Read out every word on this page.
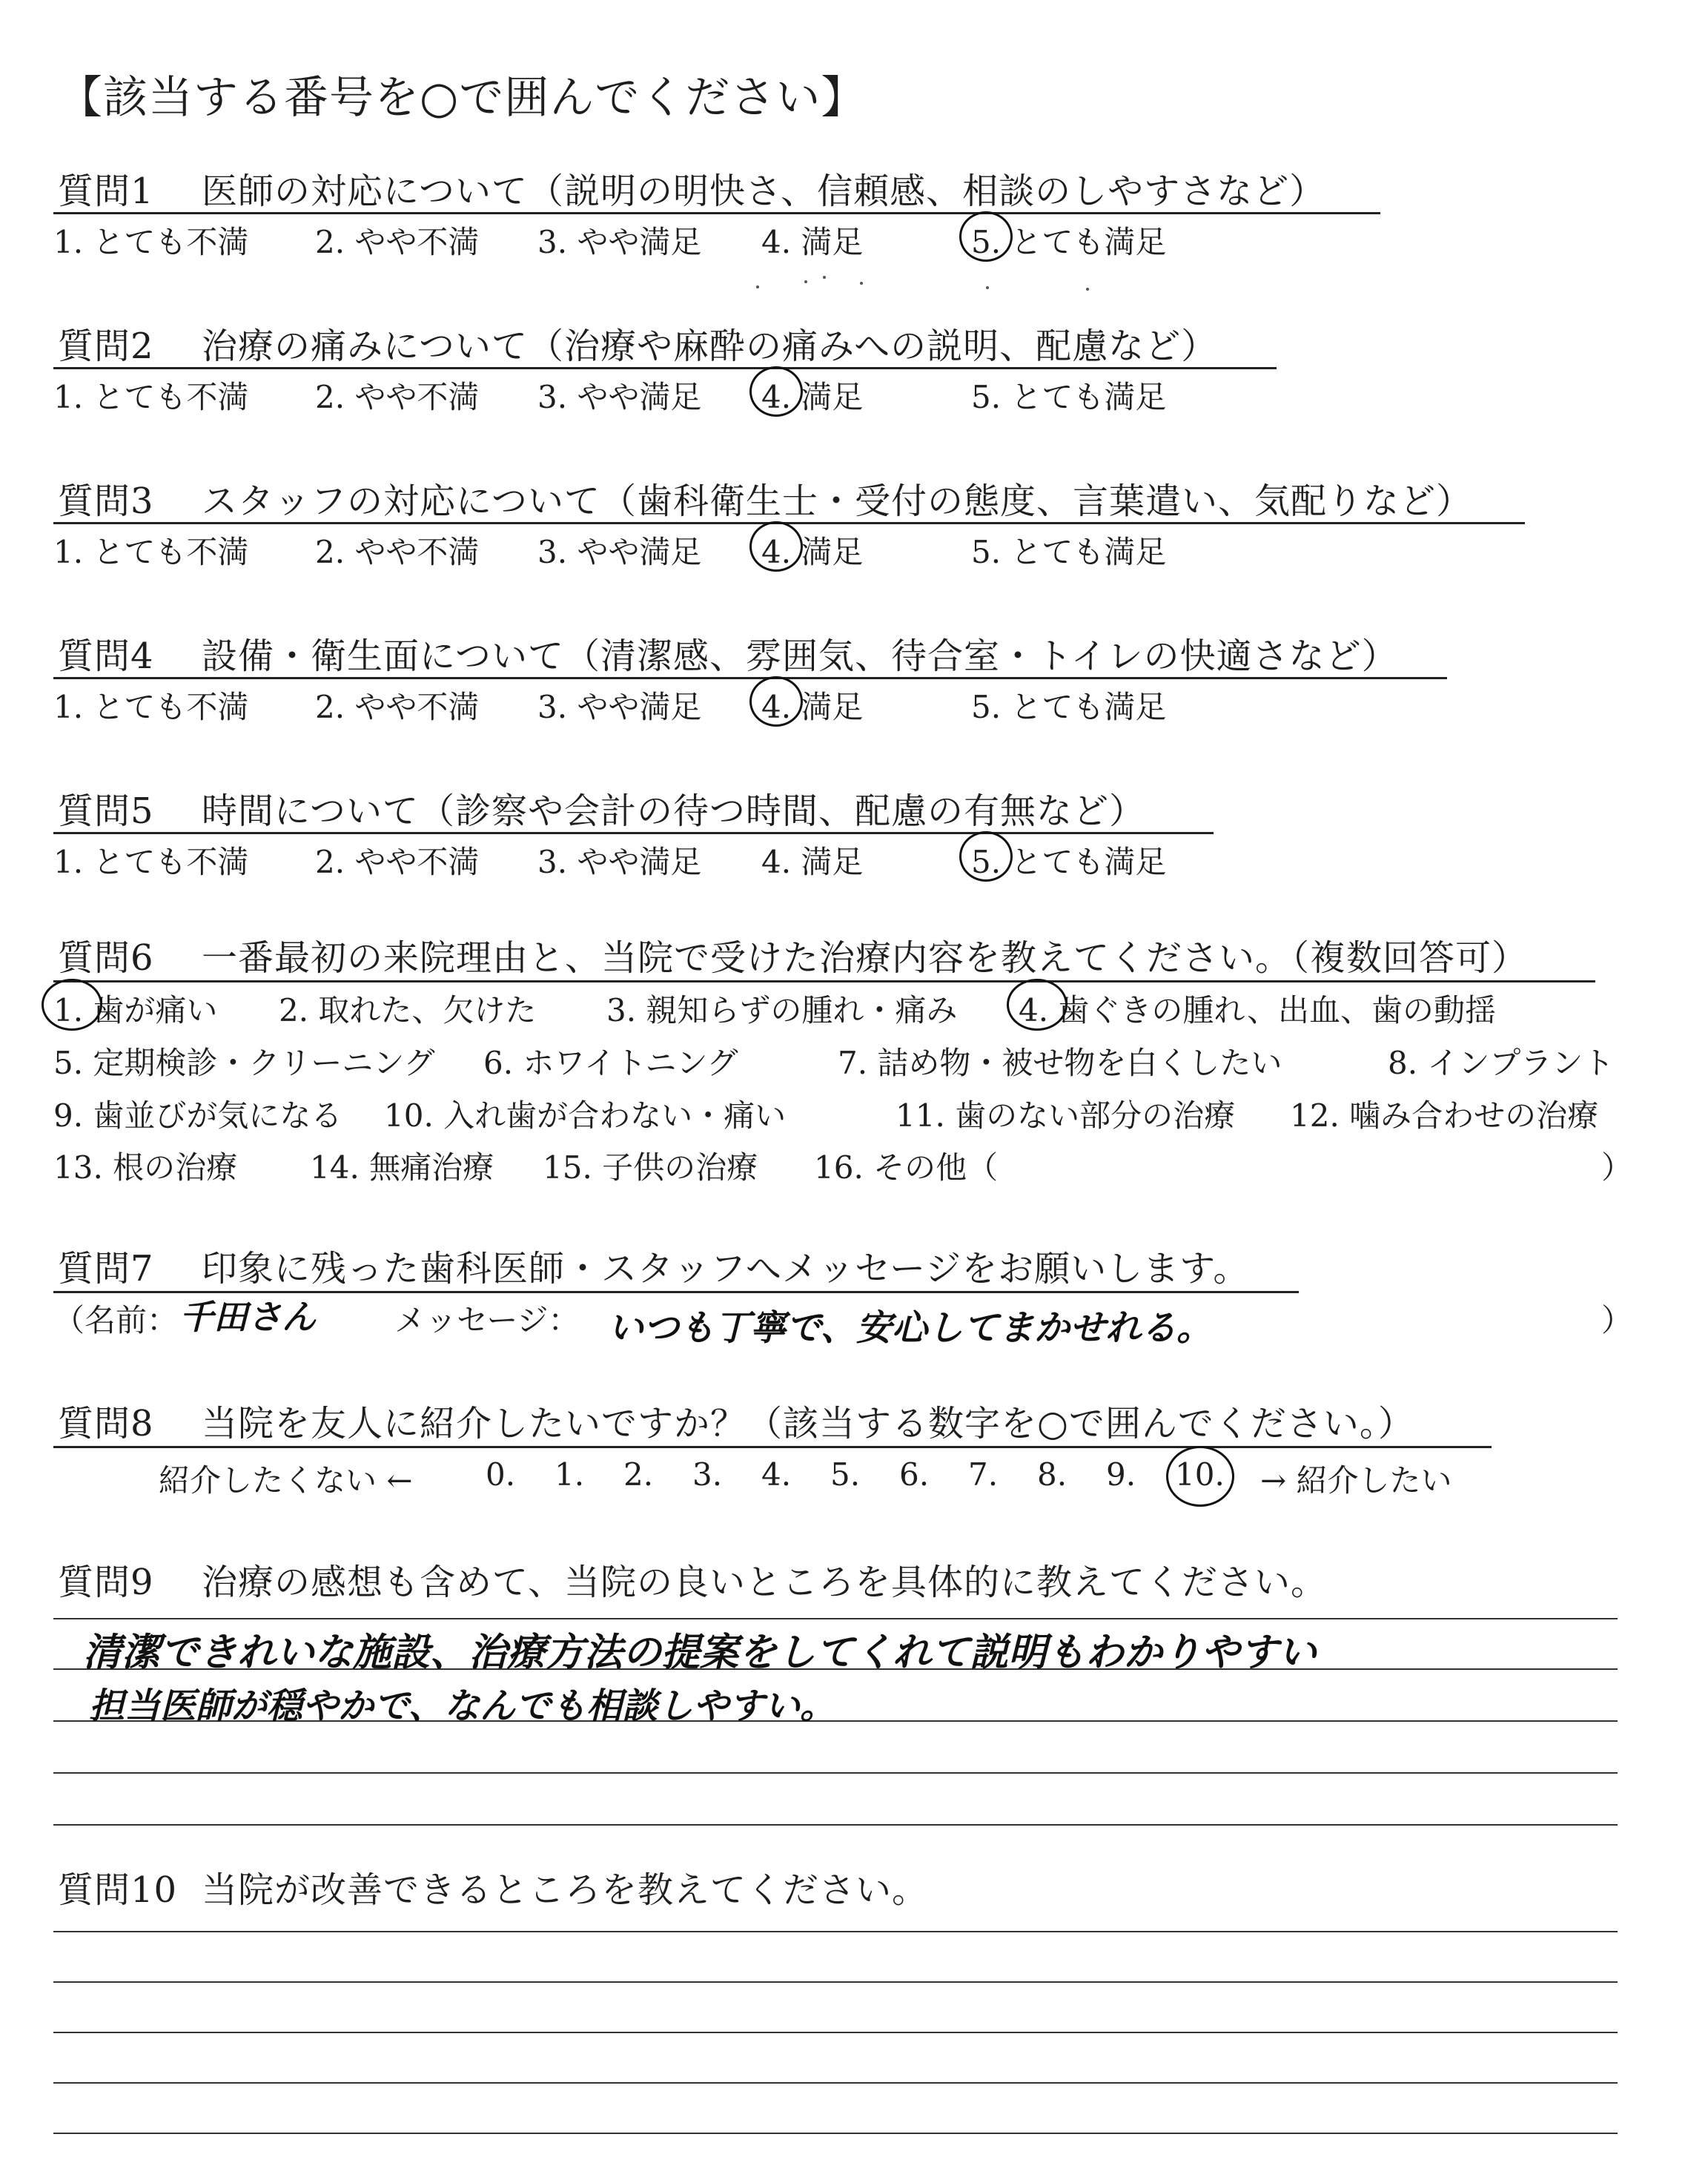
【該当する番号を○で囲んでください】
質問1 医師の対応について（説明の明快さ、信頼感、相談のしやすさなど）
1. とても不満 2. やや不満 3. やや満足 4. 満足	5. とても満足
質問2 治療の痛みについて（治療や麻酔の痛みへの説明、配慮など）
1. とても不満 2. やや不満 3. やや満足 4. 満足	5. とても満足
質問3 スタッフの対応について（歯科衛生士・受付の態度、言葉遣い、気配りなど）
1. とても不満 2. やや不満 3. やや満足 4. 満足	5. とても満足
質問4 設備・衛生面について（清潔感、雰囲気、待合室・トイレの快適さなど）
1. とても不満 2. やや不満 3. やや満足 4. 満足	5. とても満足
質問5 時間について（診察や会計の待つ時間、配慮の有無など）
1. とても不満 2. やや不満 3. やや満足 4. 満足	5. とても満足
質問6 一番最初の来院理由と、当院で受けた治療内容を教えてください。（複数回答可）
1. 歯が痛い 2. 取れた、欠けた 3. 親知らずの腫れ・痛み 4. 歯ぐきの腫れ、出血、歯の動揺
5. 定期検診・クリーニング 6. ホワイトニング	7. 詰め物・被せ物を白くしたい	8. インプラント
9. 歯並びが気になる 10. 入れ歯が合わない・痛い	11. 歯のない部分の治療 12. 噛み合わせの治療
13. 根の治療 14. 無痛治療 15. 子供の治療 16. その他（	）
質問7 印象に残った歯科医師・スタッフへメッセージをお願いします。
（名前： 千田さん	メッセージ： いつも丁寧で、安心してまかせれる。	）
質問8 当院を友人に紹介したいですか？（該当する数字を○で囲んでください。）
紹介したくない ← 0. 1. 2. 3. 4. 5. 6. 7. 8. 9. 10. → 紹介したい
質問9 治療の感想も含めて、当院の良いところを具体的に教えてください。
清潔できれいな施設、治療方法の提案をしてくれて説明もわかりやすい
担当医師が穏やかで、なんでも相談しやすい。
質問10 当院が改善できるところを教えてください。
